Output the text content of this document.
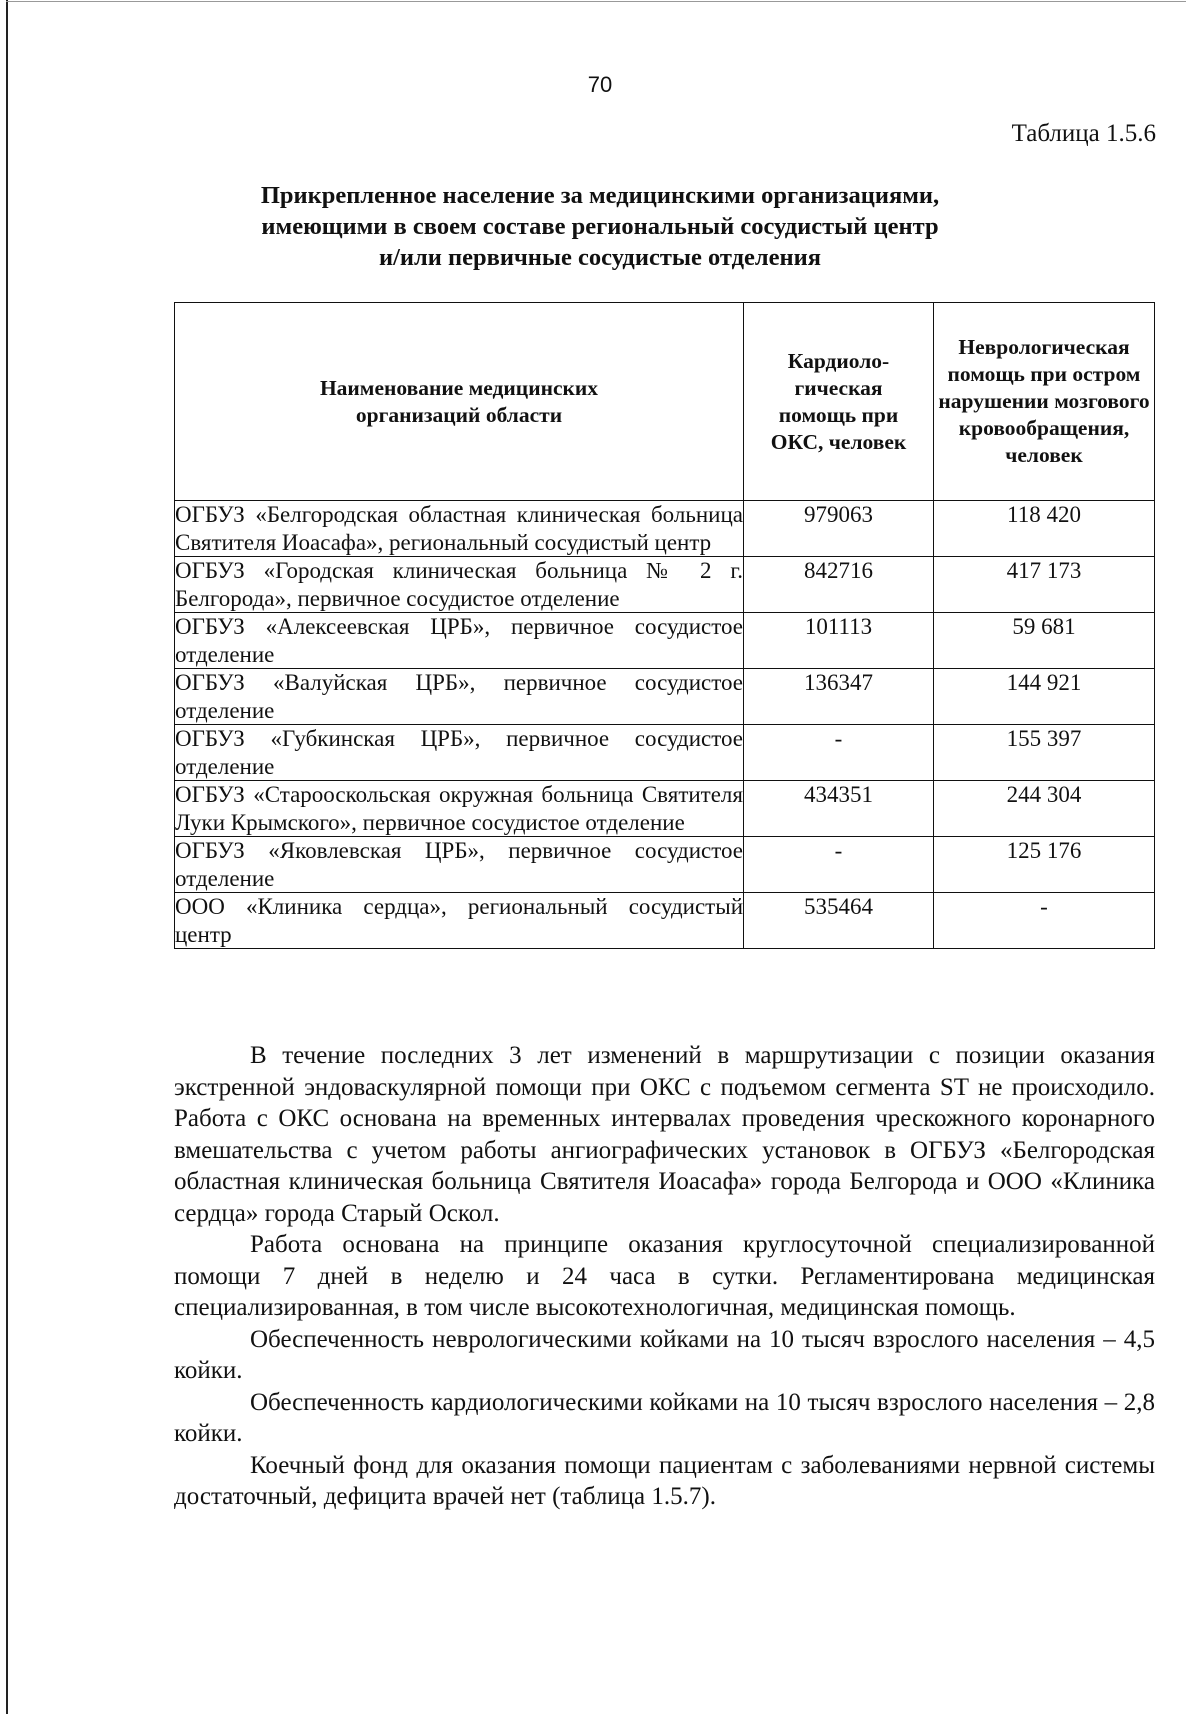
70
Таблица 1.5.6
Прикрепленное население за медицинскими организациями,
имеющими в своем составе региональный сосудистый центр
и/или первичные сосудистые отделения
Наименование медицинских организаций области	Кардиоло-гическая помощь при ОКС, человек	Неврологическая помощь при остром нарушении мозгового кровообращения, человек

ОГБУЗ «Белгородская областная клиническая больница Святителя Иоасафа», региональный сосудистый центр	979063	118 420
ОГБУЗ «Городская клиническая больница № 2 г. Белгорода», первичное сосудистое отделение	842716	417 173
ОГБУЗ «Алексеевская ЦРБ», первичное сосудистое отделение	101113	59 681
ОГБУЗ «Валуйская ЦРБ», первичное сосудистое отделение	136347	144 921
ОГБУЗ «Губкинская ЦРБ», первичное сосудистое отделение	-	155 397
ОГБУЗ «Старооскольская окружная больница Святителя Луки Крымского», первичное сосудистое отделение	434351	244 304
ОГБУЗ «Яковлевская ЦРБ», первичное сосудистое отделение	-	125 176
ООО «Клиника сердца», региональный сосудистый центр	535464	-

В течение последних 3 лет изменений в маршрутизации с позиции оказания экстренной эндоваскулярной помощи при ОКС с подъемом сегмента ST не происходило. Работа с ОКС основана на временных интервалах проведения чрескожного коронарного вмешательства с учетом работы ангиографических установок в ОГБУЗ «Белгородская областная клиническая больница Святителя Иоасафа» города Белгорода и ООО «Клиника сердца» города Старый Оскол.

Работа основана на принципе оказания круглосуточной специализированной помощи 7 дней в неделю и 24 часа в сутки. Регламентирована медицинская специализированная, в том числе высокотехнологичная, медицинская помощь.

Обеспеченность неврологическими койками на 10 тысяч взрослого населения – 4,5 койки.

Обеспеченность кардиологическими койками на 10 тысяч взрослого населения – 2,8 койки.

Коечный фонд для оказания помощи пациентам с заболеваниями нервной системы достаточный, дефицита врачей нет (таблица 1.5.7).
